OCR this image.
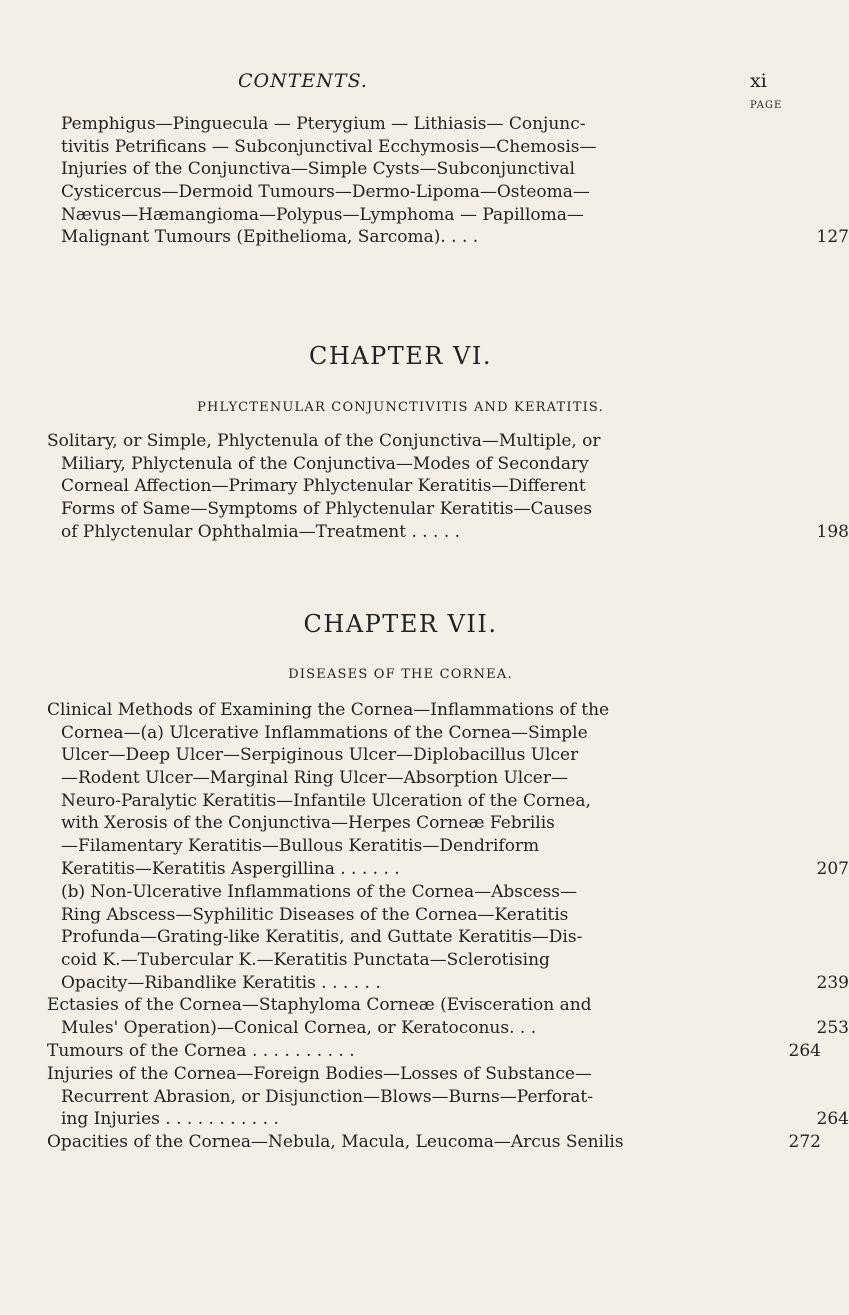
CONTENTS.	xi
PAGE
Pemphigus—Pinguecula — Pterygium — Lithiasis— Conjunc-
tivitis Petrificans — Subconjunctival Ecchymosis—Chemosis—
Injuries of the Conjunctiva—Simple Cysts—Subconjunctival
Cysticercus—Dermoid Tumours—Dermo-Lipoma—Osteoma—
Nævus—Hæmangioma—Polypus—Lymphoma — Papilloma—
Malignant Tumours (Epithelioma, Sarcoma). . . .	127
CHAPTER VI.
PHLYCTENULAR CONJUNCTIVITIS AND KERATITIS.
Solitary, or Simple, Phlyctenula of the Conjunctiva—Multiple, or
Miliary, Phlyctenula of the Conjunctiva—Modes of Secondary
Corneal Affection—Primary Phlyctenular Keratitis—Different
Forms of Same—Symptoms of Phlyctenular Keratitis—Causes
of Phlyctenular Ophthalmia—Treatment . . . . .	198
CHAPTER VII.
DISEASES OF THE CORNEA.
Clinical Methods of Examining the Cornea—Inflammations of the
Cornea—(a) Ulcerative Inflammations of the Cornea—Simple
Ulcer—Deep Ulcer—Serpiginous Ulcer—Diplobacillus Ulcer
—Rodent Ulcer—Marginal Ring Ulcer—Absorption Ulcer—
Neuro-Paralytic Keratitis—Infantile Ulceration of the Cornea,
with Xerosis of the Conjunctiva—Herpes Corneæ Febrilis
—Filamentary Keratitis—Bullous Keratitis—Dendriform
Keratitis—Keratitis Aspergillina . . . . . .	207
(b) Non-Ulcerative Inflammations of the Cornea—Abscess—
Ring Abscess—Syphilitic Diseases of the Cornea—Keratitis
Profunda—Grating-like Keratitis, and Guttate Keratitis—Dis-
coid K.—Tubercular K.—Keratitis Punctata—Sclerotising
Opacity—Ribandlike Keratitis . . . . . .	239
Ectasies of the Cornea—Staphyloma Corneæ (Evisceration and
Mules' Operation)—Conical Cornea, or Keratoconus. . .	253
Tumours of the Cornea . . . . . . . . . .	264
Injuries of the Cornea—Foreign Bodies—Losses of Substance—
Recurrent Abrasion, or Disjunction—Blows—Burns—Perforat-
ing Injuries . . . . . . . . . . .	264
Opacities of the Cornea—Nebula, Macula, Leucoma—Arcus Senilis	272
